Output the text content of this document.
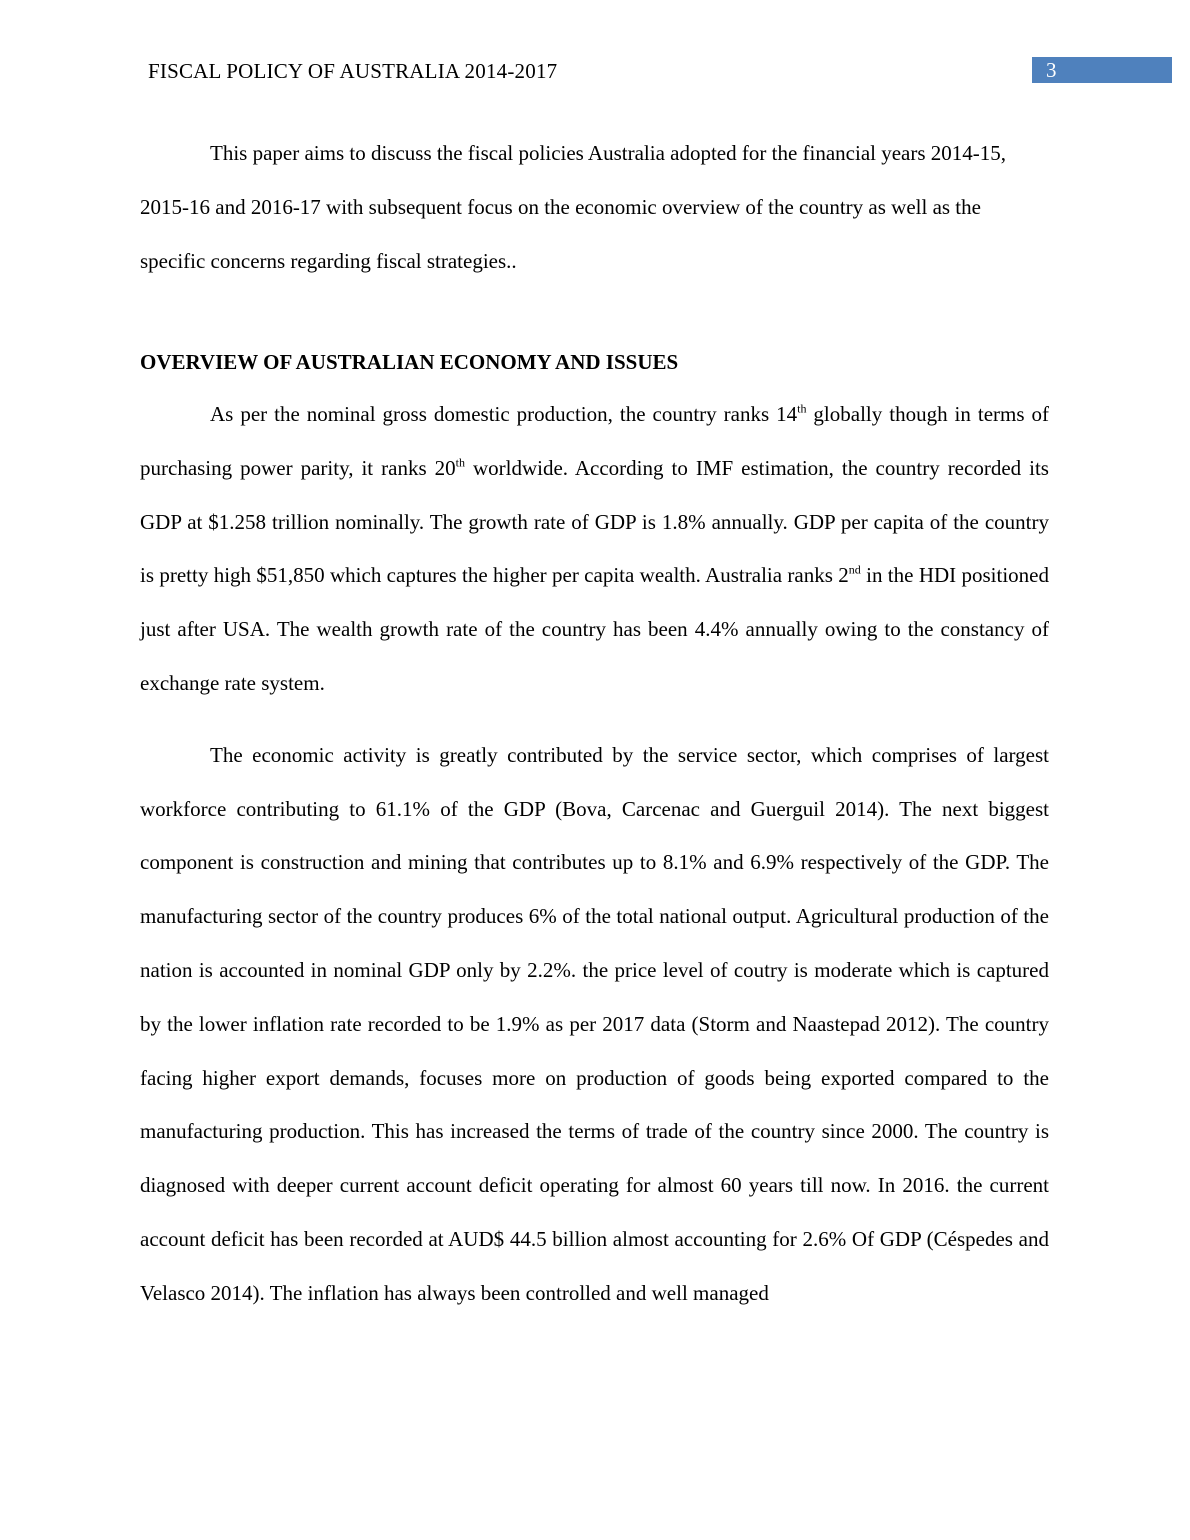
FISCAL POLICY OF AUSTRALIA 2014-2017	3

This paper aims to discuss the fiscal policies Australia adopted for the financial years 2014-15, 2015-16 and 2016-17 with subsequent focus on the economic overview of the country as well as the specific concerns regarding fiscal strategies..

OVERVIEW OF AUSTRALIAN ECONOMY AND ISSUES

As per the nominal gross domestic production, the country ranks 14th globally though in terms of purchasing power parity, it ranks 20th worldwide. According to IMF estimation, the country recorded its GDP at $1.258 trillion nominally. The growth rate of GDP is 1.8% annually. GDP per capita of the country is pretty high $51,850 which captures the higher per capita wealth. Australia ranks 2nd in the HDI positioned just after USA. The wealth growth rate of the country has been 4.4% annually owing to the constancy of exchange rate system.

The economic activity is greatly contributed by the service sector, which comprises of largest workforce contributing to 61.1% of the GDP (Bova, Carcenac and Guerguil 2014). The next biggest component is construction and mining that contributes up to 8.1% and 6.9% respectively of the GDP. The manufacturing sector of the country produces 6% of the total national output. Agricultural production of the nation is accounted in nominal GDP only by 2.2%. the price level of coutry is moderate which is captured by the lower inflation rate recorded to be 1.9% as per 2017 data (Storm and Naastepad 2012). The country facing higher export demands, focuses more on production of goods being exported compared to the manufacturing production. This has increased the terms of trade of the country since 2000. The country is diagnosed with deeper current account deficit operating for almost 60 years till now. In 2016. the current account deficit has been recorded at AUD$ 44.5 billion almost accounting for 2.6% Of GDP (Céspedes and Velasco 2014). The inflation has always been controlled and well managed
